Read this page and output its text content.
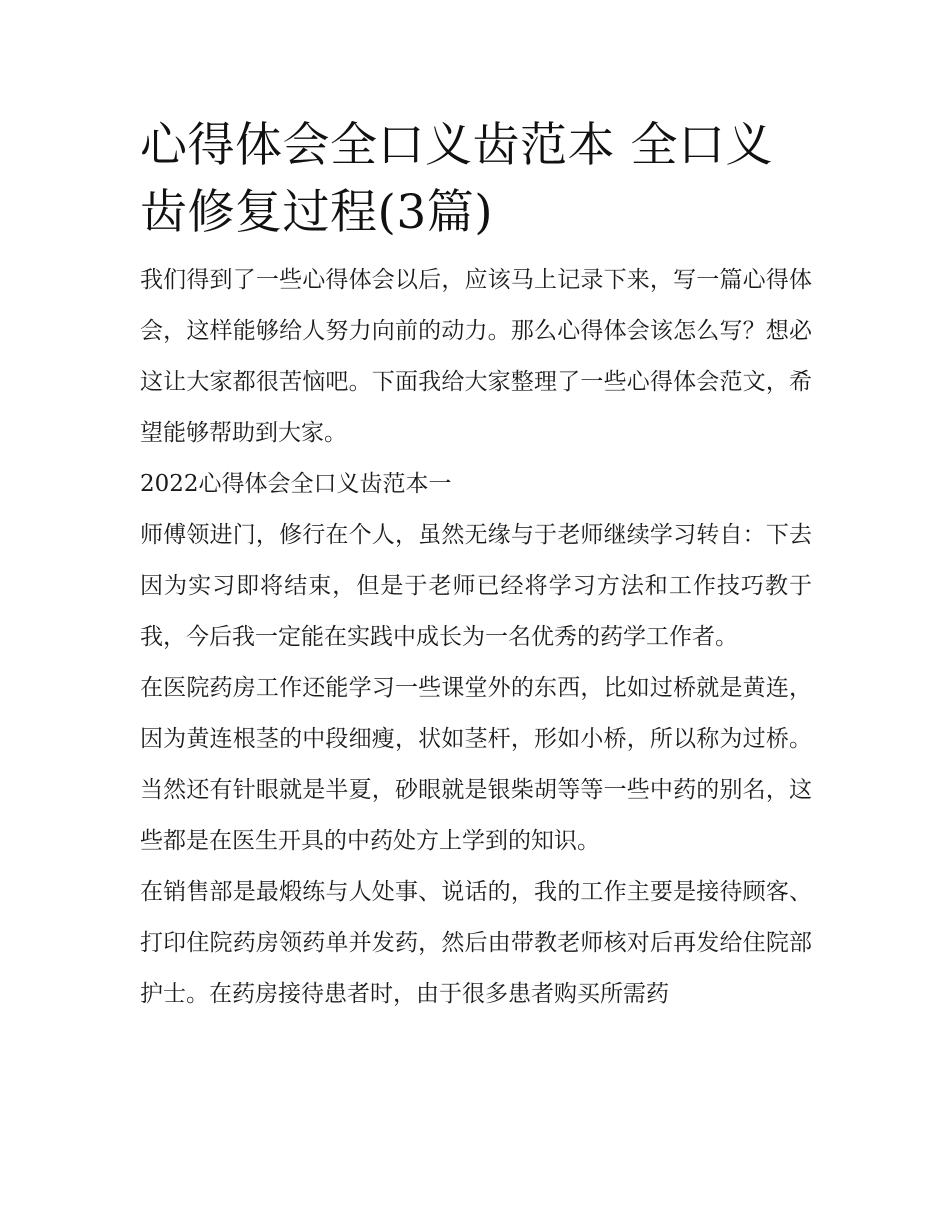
心得体会全口义齿范本 全口义齿修复过程(3篇)

我们得到了一些心得体会以后，应该马上记录下来，写一篇心得体会，这样能够给人努力向前的动力。那么心得体会该怎么写？想必这让大家都很苦恼吧。下面我给大家整理了一些心得体会范文，希望能够帮助到大家。

2022心得体会全口义齿范本一

师傅领进门，修行在个人，虽然无缘与于老师继续学习转自：下去因为实习即将结束，但是于老师已经将学习方法和工作技巧教于我，今后我一定能在实践中成长为一名优秀的药学工作者。

在医院药房工作还能学习一些课堂外的东西，比如过桥就是黄连，因为黄连根茎的中段细瘦，状如茎杆，形如小桥，所以称为过桥。当然还有针眼就是半夏，砂眼就是银柴胡等等一些中药的别名，这些都是在医生开具的中药处方上学到的知识。

在销售部是最煅练与人处事、说话的，我的工作主要是接待顾客、打印住院药房领药单并发药，然后由带教老师核对后再发给住院部护士。在药房接待患者时，由于很多患者购买所需药
